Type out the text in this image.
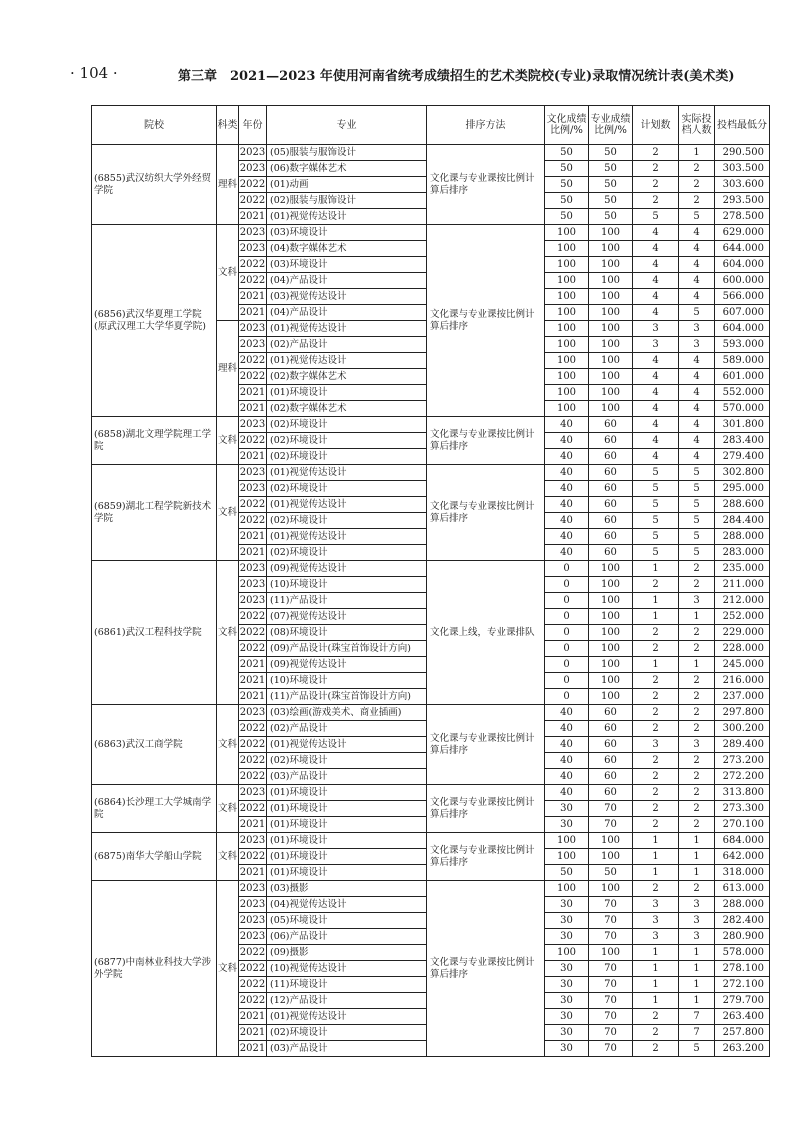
· 104 ·	第三章　2021—2023 年使用河南省统考成绩招生的艺术类院校(专业)录取情况统计表(美术类)
院校	科类	年份	专业	排序方法	文化成绩比例/%	专业成绩比例/%	计划数	实际投档人数	投档最低分
(6855)武汉纺织大学外经贸学院	理科	2023	(05)服装与服饰设计	文化课与专业课按比例计算后排序	50	50	2	1	290.500
		2023	(06)数字媒体艺术		50	50	2	2	303.500
		2022	(01)动画		50	50	2	2	303.600
		2022	(02)服装与服饰设计		50	50	2	2	293.500
		2021	(01)视觉传达设计		50	50	5	5	278.500
(6856)武汉华夏理工学院(原武汉理工大学华夏学院)	文科	2023	(03)环境设计	文化课与专业课按比例计算后排序	100	100	4	4	629.000
		2023	(04)数字媒体艺术		100	100	4	4	644.000
		2022	(03)环境设计		100	100	4	4	604.000
		2022	(04)产品设计		100	100	4	4	600.000
		2021	(03)视觉传达设计		100	100	4	4	566.000
		2021	(04)产品设计		100	100	4	5	607.000
	理科	2023	(01)视觉传达设计		100	100	3	3	604.000
		2023	(02)产品设计		100	100	3	3	593.000
		2022	(01)视觉传达设计		100	100	4	4	589.000
		2022	(02)数字媒体艺术		100	100	4	4	601.000
		2021	(01)环境设计		100	100	4	4	552.000
		2021	(02)数字媒体艺术		100	100	4	4	570.000
(6858)湖北文理学院理工学院	文科	2023	(02)环境设计	文化课与专业课按比例计算后排序	40	60	4	4	301.800
		2022	(02)环境设计		40	60	4	4	283.400
		2021	(02)环境设计		40	60	4	4	279.400
(6859)湖北工程学院新技术学院	文科	2023	(01)视觉传达设计	文化课与专业课按比例计算后排序	40	60	5	5	302.800
		2023	(02)环境设计		40	60	5	5	295.000
		2022	(01)视觉传达设计		40	60	5	5	288.600
		2022	(02)环境设计		40	60	5	5	284.400
		2021	(01)视觉传达设计		40	60	5	5	288.000
		2021	(02)环境设计		40	60	5	5	283.000
(6861)武汉工程科技学院	文科	2023	(09)视觉传达设计	文化课上线，专业课排队	0	100	1	2	235.000
		2023	(10)环境设计		0	100	2	2	211.000
		2023	(11)产品设计		0	100	1	3	212.000
		2022	(07)视觉传达设计		0	100	1	1	252.000
		2022	(08)环境设计		0	100	2	2	229.000
		2022	(09)产品设计(珠宝首饰设计方向)		0	100	2	2	228.000
		2021	(09)视觉传达设计		0	100	1	1	245.000
		2021	(10)环境设计		0	100	2	2	216.000
		2021	(11)产品设计(珠宝首饰设计方向)		0	100	2	2	237.000
(6863)武汉工商学院	文科	2023	(03)绘画(游戏美术、商业插画)	文化课与专业课按比例计算后排序	40	60	2	2	297.800
		2022	(02)产品设计		40	60	2	2	300.200
		2022	(01)视觉传达设计		40	60	3	3	289.400
		2022	(02)环境设计		40	60	2	2	273.200
		2022	(03)产品设计		40	60	2	2	272.200
(6864)长沙理工大学城南学院	文科	2023	(01)环境设计	文化课与专业课按比例计算后排序	40	60	2	2	313.800
		2022	(01)环境设计		30	70	2	2	273.300
		2021	(01)环境设计		30	70	2	2	270.100
(6875)南华大学船山学院	文科	2023	(01)环境设计	文化课与专业课按比例计算后排序	100	100	1	1	684.000
		2022	(01)环境设计		100	100	1	1	642.000
		2021	(01)环境设计		50	50	1	1	318.000
(6877)中南林业科技大学涉外学院	文科	2023	(03)摄影	文化课与专业课按比例计算后排序	100	100	2	2	613.000
		2023	(04)视觉传达设计		30	70	3	3	288.000
		2023	(05)环境设计		30	70	3	3	282.400
		2023	(06)产品设计		30	70	3	3	280.900
		2022	(09)摄影		100	100	1	1	578.000
		2022	(10)视觉传达设计		30	70	1	1	278.100
		2022	(11)环境设计		30	70	1	1	272.100
		2022	(12)产品设计		30	70	1	1	279.700
		2021	(01)视觉传达设计		30	70	2	7	263.400
		2021	(02)环境设计		30	70	2	7	257.800
		2021	(03)产品设计		30	70	2	5	263.200
